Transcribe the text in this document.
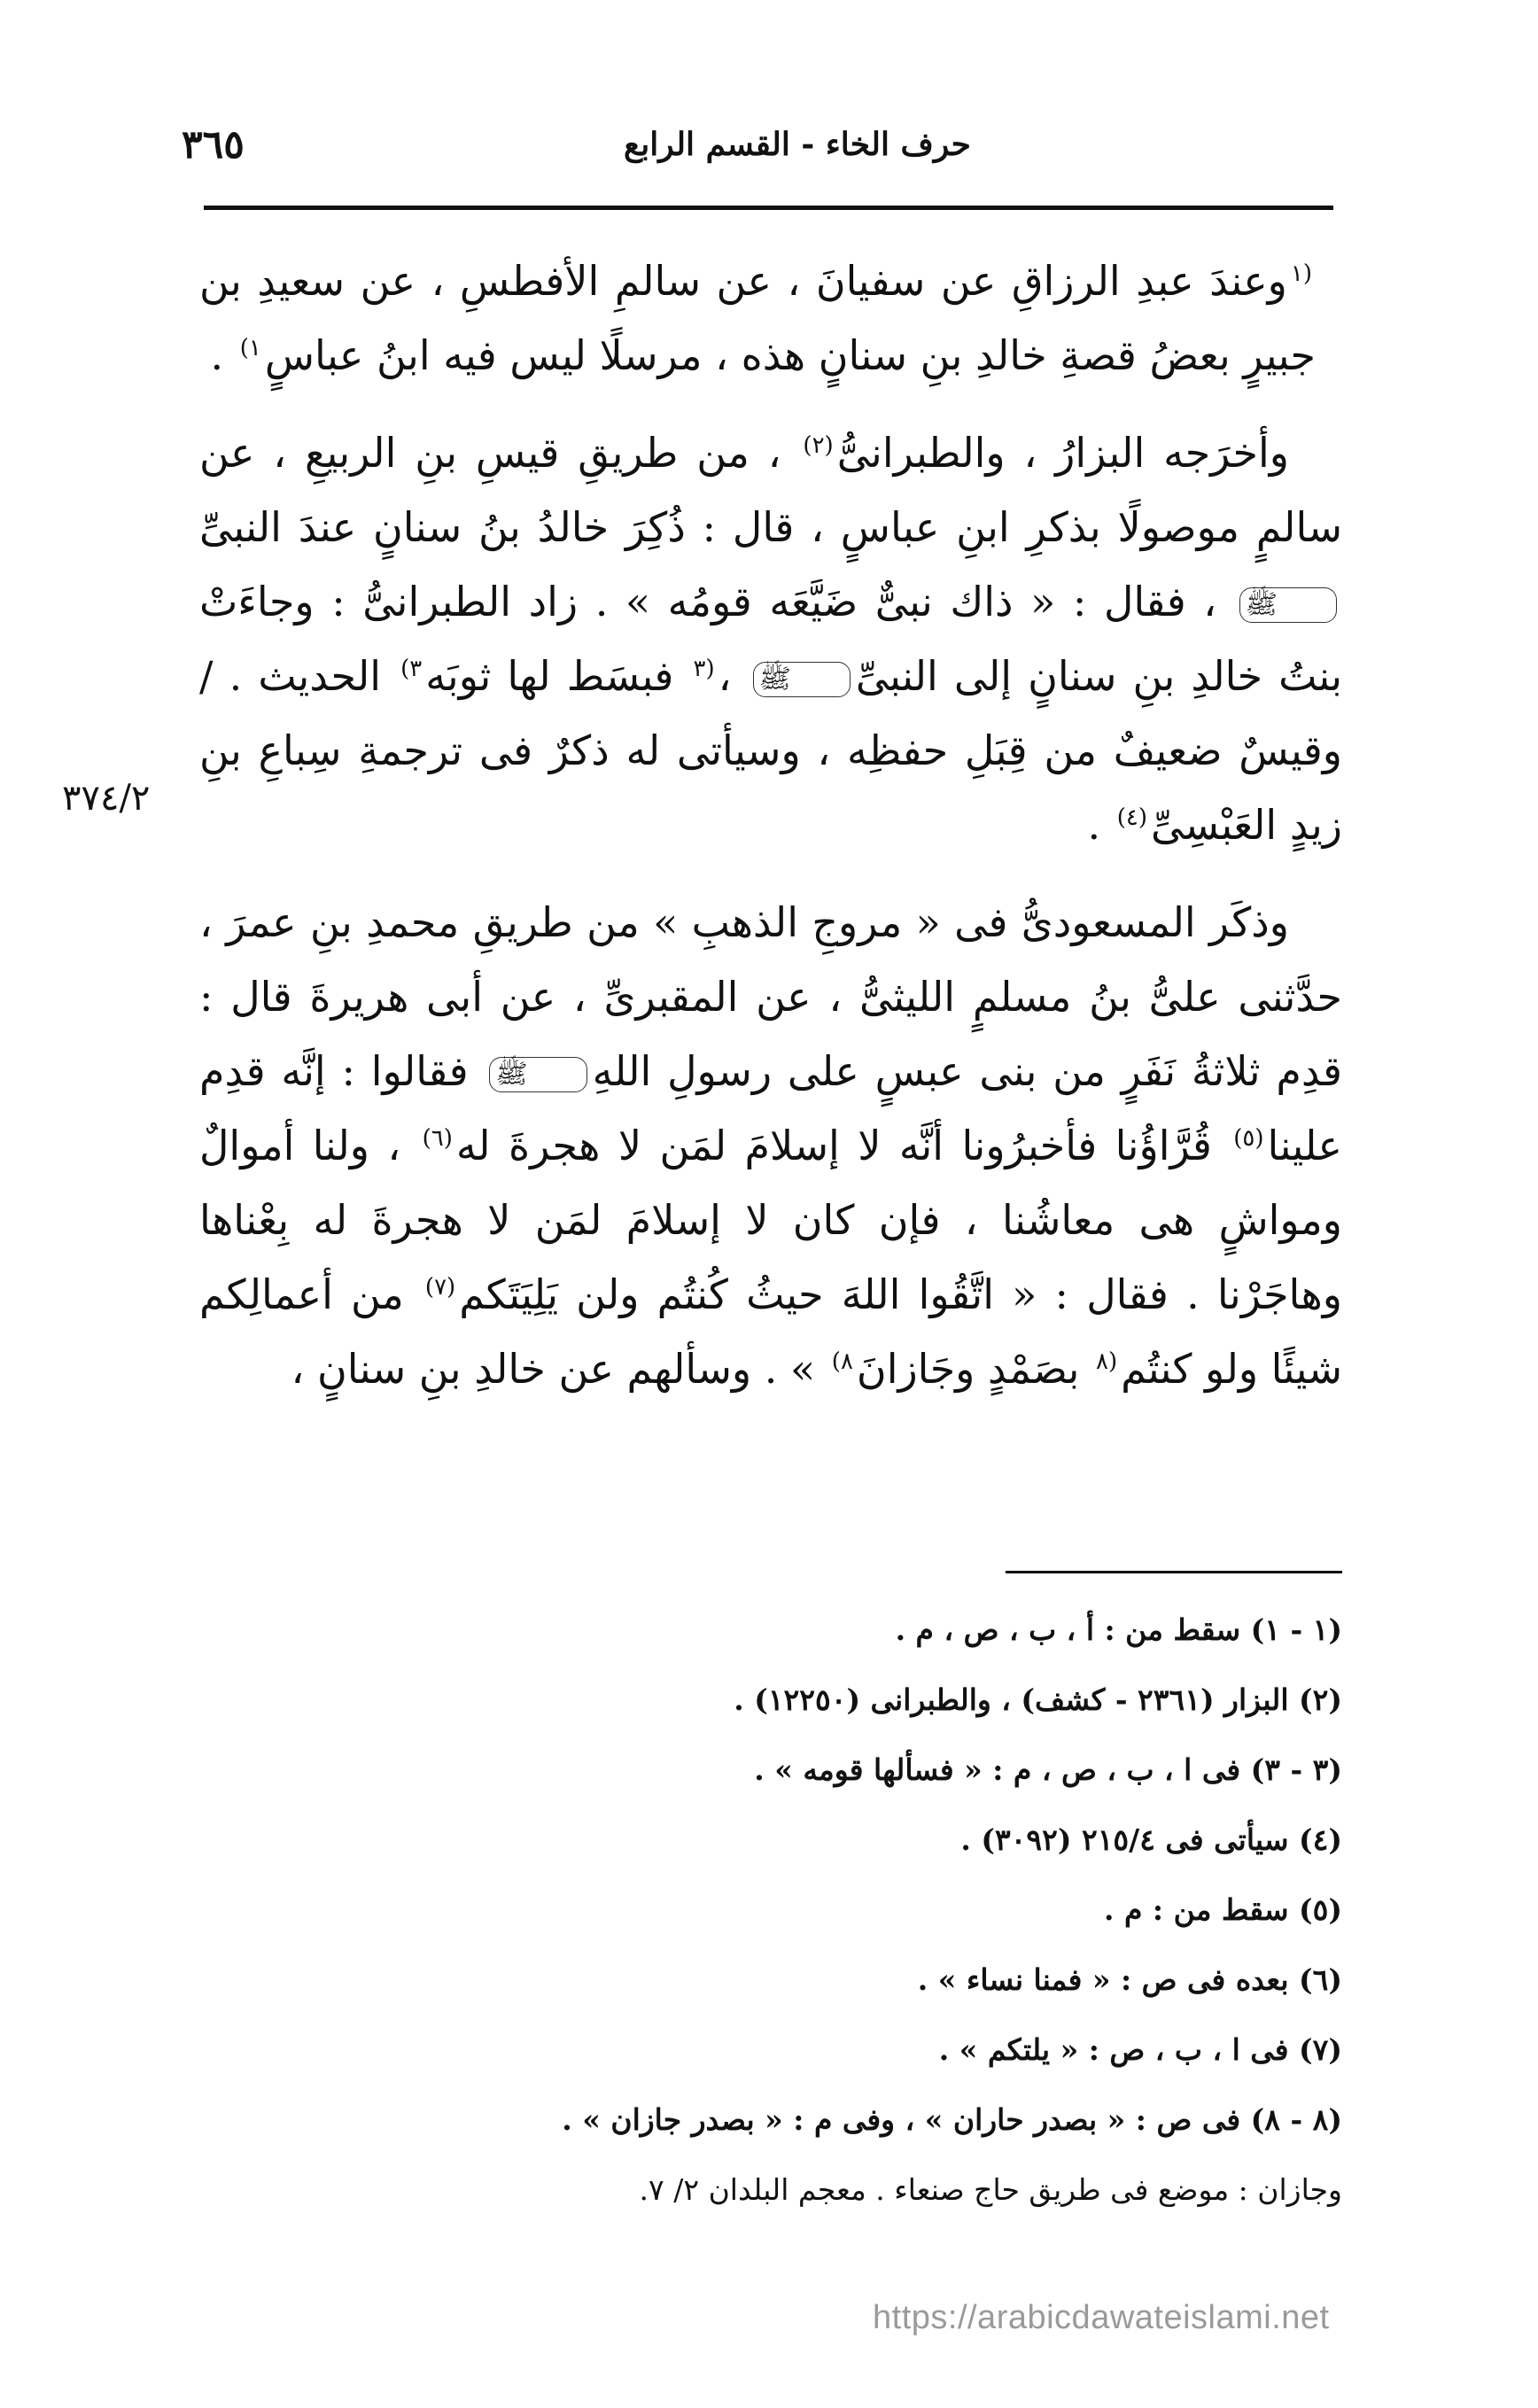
٣٦٥	حرف الخاء - القسم الرابع
٣٧٤/٢

$^{(١}$وعندَ عبدِ الرزاقِ عن سفيانَ ، عن سالمِ الأفطسِ ، عن سعيدِ بن جبيرٍ بعضُ قصةِ خالدِ بنِ سنانٍ هذه ، مرسلًا ليس فيه ابنُ عباسٍ$^{١)}$ .

وأخرَجه البزارُ ، والطبرانىُّ$^{(٢)}$ ، من طريقِ قيسِ بنِ الربيعِ ، عن سالمٍ موصولًا بذكرِ ابنِ عباسٍ ، قال : ذُكِرَ خالدُ بنُ سنانٍ عندَ النبىِّﷺ ، فقال : « ذاك نبىٌّ ضَيَّعَه قومُه » . زاد الطبرانىُّ : وجاءَتْ بنتُ خالدِ بنِ سنانٍ إلى النبىِّﷺ ،$^{(٣}$ فبسَط لها ثوبَه$^{٣)}$ الحديث . / وقيسٌ ضعيفٌ من قِبَلِ حفظِه ، وسيأتى له ذكرٌ فى ترجمةِ سِباعِ بنِ زيدٍ العَبْسِىِّ$^{(٤)}$ .

وذكَر المسعودىُّ فى « مروجِ الذهبِ » من طريقِ محمدِ بنِ عمرَ ، حدَّثنى علىُّ بنُ مسلمٍ الليثىُّ ، عن المقبرىِّ ، عن أبى هريرةَ قال : قدِم ثلاثةُ نَفَرٍ من بنى عبسٍ على رسولِ اللهِﷺ فقالوا : إنَّه قدِم علينا$^{(٥)}$ قُرَّاؤُنا فأخبرُونا أنَّه لا إسلامَ لمَن لا هجرةَ له$^{(٦)}$ ، ولنا أموالٌ ومواشٍ هى معاشُنا ، فإن كان لا إسلامَ لمَن لا هجرةَ له بِعْناها وهاجَرْنا . فقال : « اتَّقُوا اللهَ حيثُ كُنتُم ولن يَلِيَتَكم$^{(٧)}$ من أعمالِكم شيئًا ولو كنتُم$^{(٨}$ بصَمْدٍ وجَازانَ$^{٨)}$ » . وسألهم عن خالدِ بنِ سنانٍ ،

(١ - ١) سقط من : أ ، ب ، ص ، م .

(٢) البزار (٢٣٦١ - كشف) ، والطبرانى (١٢٢٥٠) .

(٣ - ٣) فى ا ، ب ، ص ، م : « فسألها قومه » .

(٤) سيأتى فى ٢١٥/٤ (٣٠٩٢) .

(٥) سقط من : م .

(٦) بعده فى ص : « فمنا نساء » .

(٧) فى ا ، ب ، ص : « يلتكم » .

(٨ - ٨) فى ص : « بصدر حاران » ، وفى م : « بصدر جازان » .

وجازان : موضع فى طريق حاج صنعاء . معجم البلدان ٢/ ٧.

https://arabicdawateislami.net
